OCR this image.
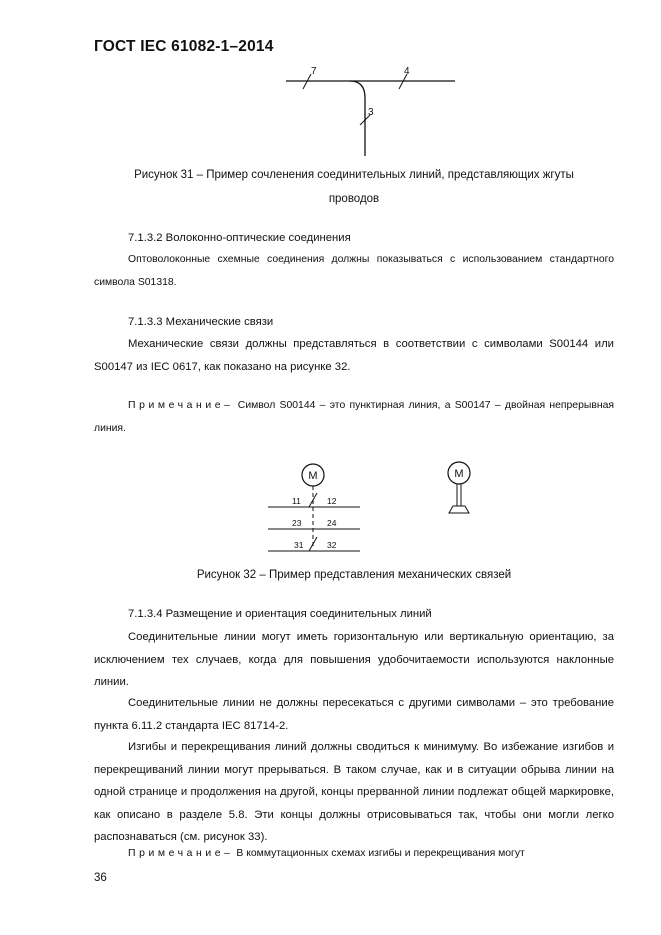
ГОСТ IEC 61082-1–2014
7	4
3
Рисунок 31 – Пример сочленения соединительных линий, представляющих жгуты
проводов
7.1.3.2 Волоконно-оптические соединения
Оптоволоконные схемные соединения должны показываться с использованием стандартного символа S01318.
7.1.3.3 Механические связи
Механические связи должны представляться в соответствии с символами S00144 или S00147 из IEC 0617, как показано на рисунке 32.
Примечание– Символ S00144 – это пунктирная линия, а S00147 – двойная непрерывная линия.
M
11	12
23	24
31	32
M
Рисунок 32 – Пример представления механических связей
7.1.3.4 Размещение и ориентация соединительных линий
Соединительные линии могут иметь горизонтальную или вертикальную ориентацию, за исключением тех случаев, когда для повышения удобочитаемости используются наклонные линии.
Соединительные линии не должны пересекаться с другими символами – это требование пункта 6.11.2 стандарта IEC 81714-2.
Изгибы и перекрещивания линий должны сводиться к минимуму. Во избежание изгибов и перекрещиваний линии могут прерываться. В таком случае, как и в ситуации обрыва линии на одной странице и продолжения на другой, концы прерванной линии подлежат общей маркировке, как описано в разделе 5.8. Эти концы должны отрисовываться так, чтобы они могли легко распознаваться (см. рисунок 33).
Примечание– В коммутационных схемах изгибы и перекрещивания могут
36
